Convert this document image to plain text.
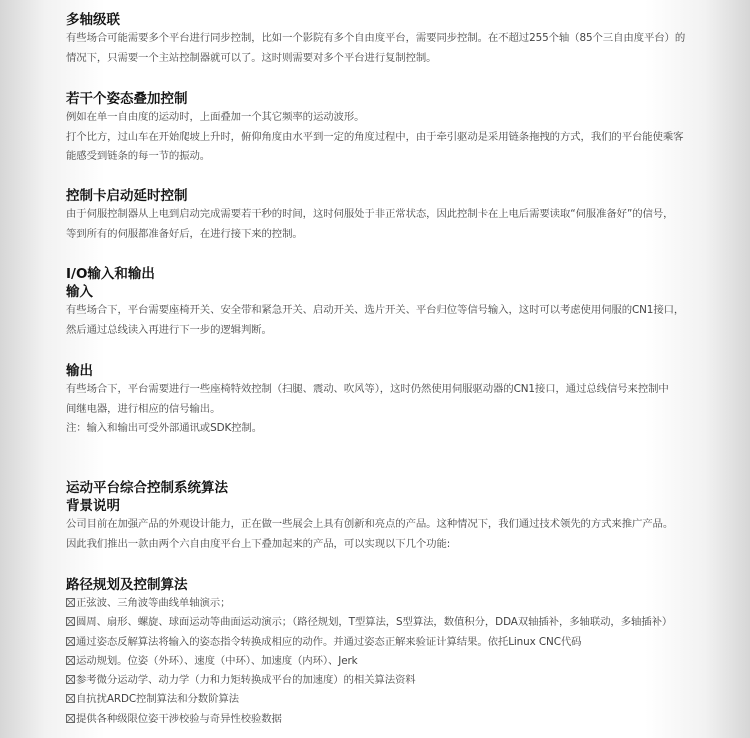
多轴级联
有些场合可能需要多个平台进行同步控制，比如一个影院有多个自由度平台，需要同步控制。在不超过255个轴（85个三自由度平台）的
情况下，只需要一个主站控制器就可以了。这时则需要对多个平台进行复制控制。
若干个姿态叠加控制
例如在单一自由度的运动时，上面叠加一个其它频率的运动波形。
打个比方，过山车在开始爬坡上升时，俯仰角度由水平到一定的角度过程中，由于牵引驱动是采用链条拖拽的方式，我们的平台能使乘客
能感受到链条的每一节的振动。
控制卡启动延时控制
由于伺服控制器从上电到启动完成需要若干秒的时间，这时伺服处于非正常状态，因此控制卡在上电后需要读取“伺服准备好”的信号，
等到所有的伺服都准备好后，在进行接下来的控制。
I/O输入和输出
输入
有些场合下，平台需要座椅开关、安全带和紧急开关、启动开关、选片开关、平台归位等信号输入，这时可以考虑使用伺服的CN1接口，
然后通过总线读入再进行下一步的逻辑判断。
输出
有些场合下，平台需要进行一些座椅特效控制（扫腿、震动、吹风等），这时仍然使用伺服驱动器的CN1接口，通过总线信号来控制中
间继电器，进行相应的信号输出。
注：输入和输出可受外部通讯或SDK控制。
运动平台综合控制系统算法
背景说明
公司目前在加强产品的外观设计能力，正在做一些展会上具有创新和亮点的产品。这种情况下，我们通过技术领先的方式来推广产品。
因此我们推出一款由两个六自由度平台上下叠加起来的产品，可以实现以下几个功能:
路径规划及控制算法
正弦波、三角波等曲线单轴演示；
圆周、扇形、螺旋、球面运动等曲面运动演示；（路径规划，T型算法，S型算法，数值积分，DDA双轴插补，多轴联动，多轴插补）
通过姿态反解算法将输入的姿态指令转换成相应的动作。并通过姿态正解来验证计算结果。依托Linux CNC代码
运动规划。位姿（外环）、速度（中环）、加速度（内环）、Jerk
参考微分运动学、动力学（力和力矩转换成平台的加速度）的相关算法资料
自抗扰ARDC控制算法和分数阶算法
提供各种级限位姿干涉校验与奇异性校验数据
